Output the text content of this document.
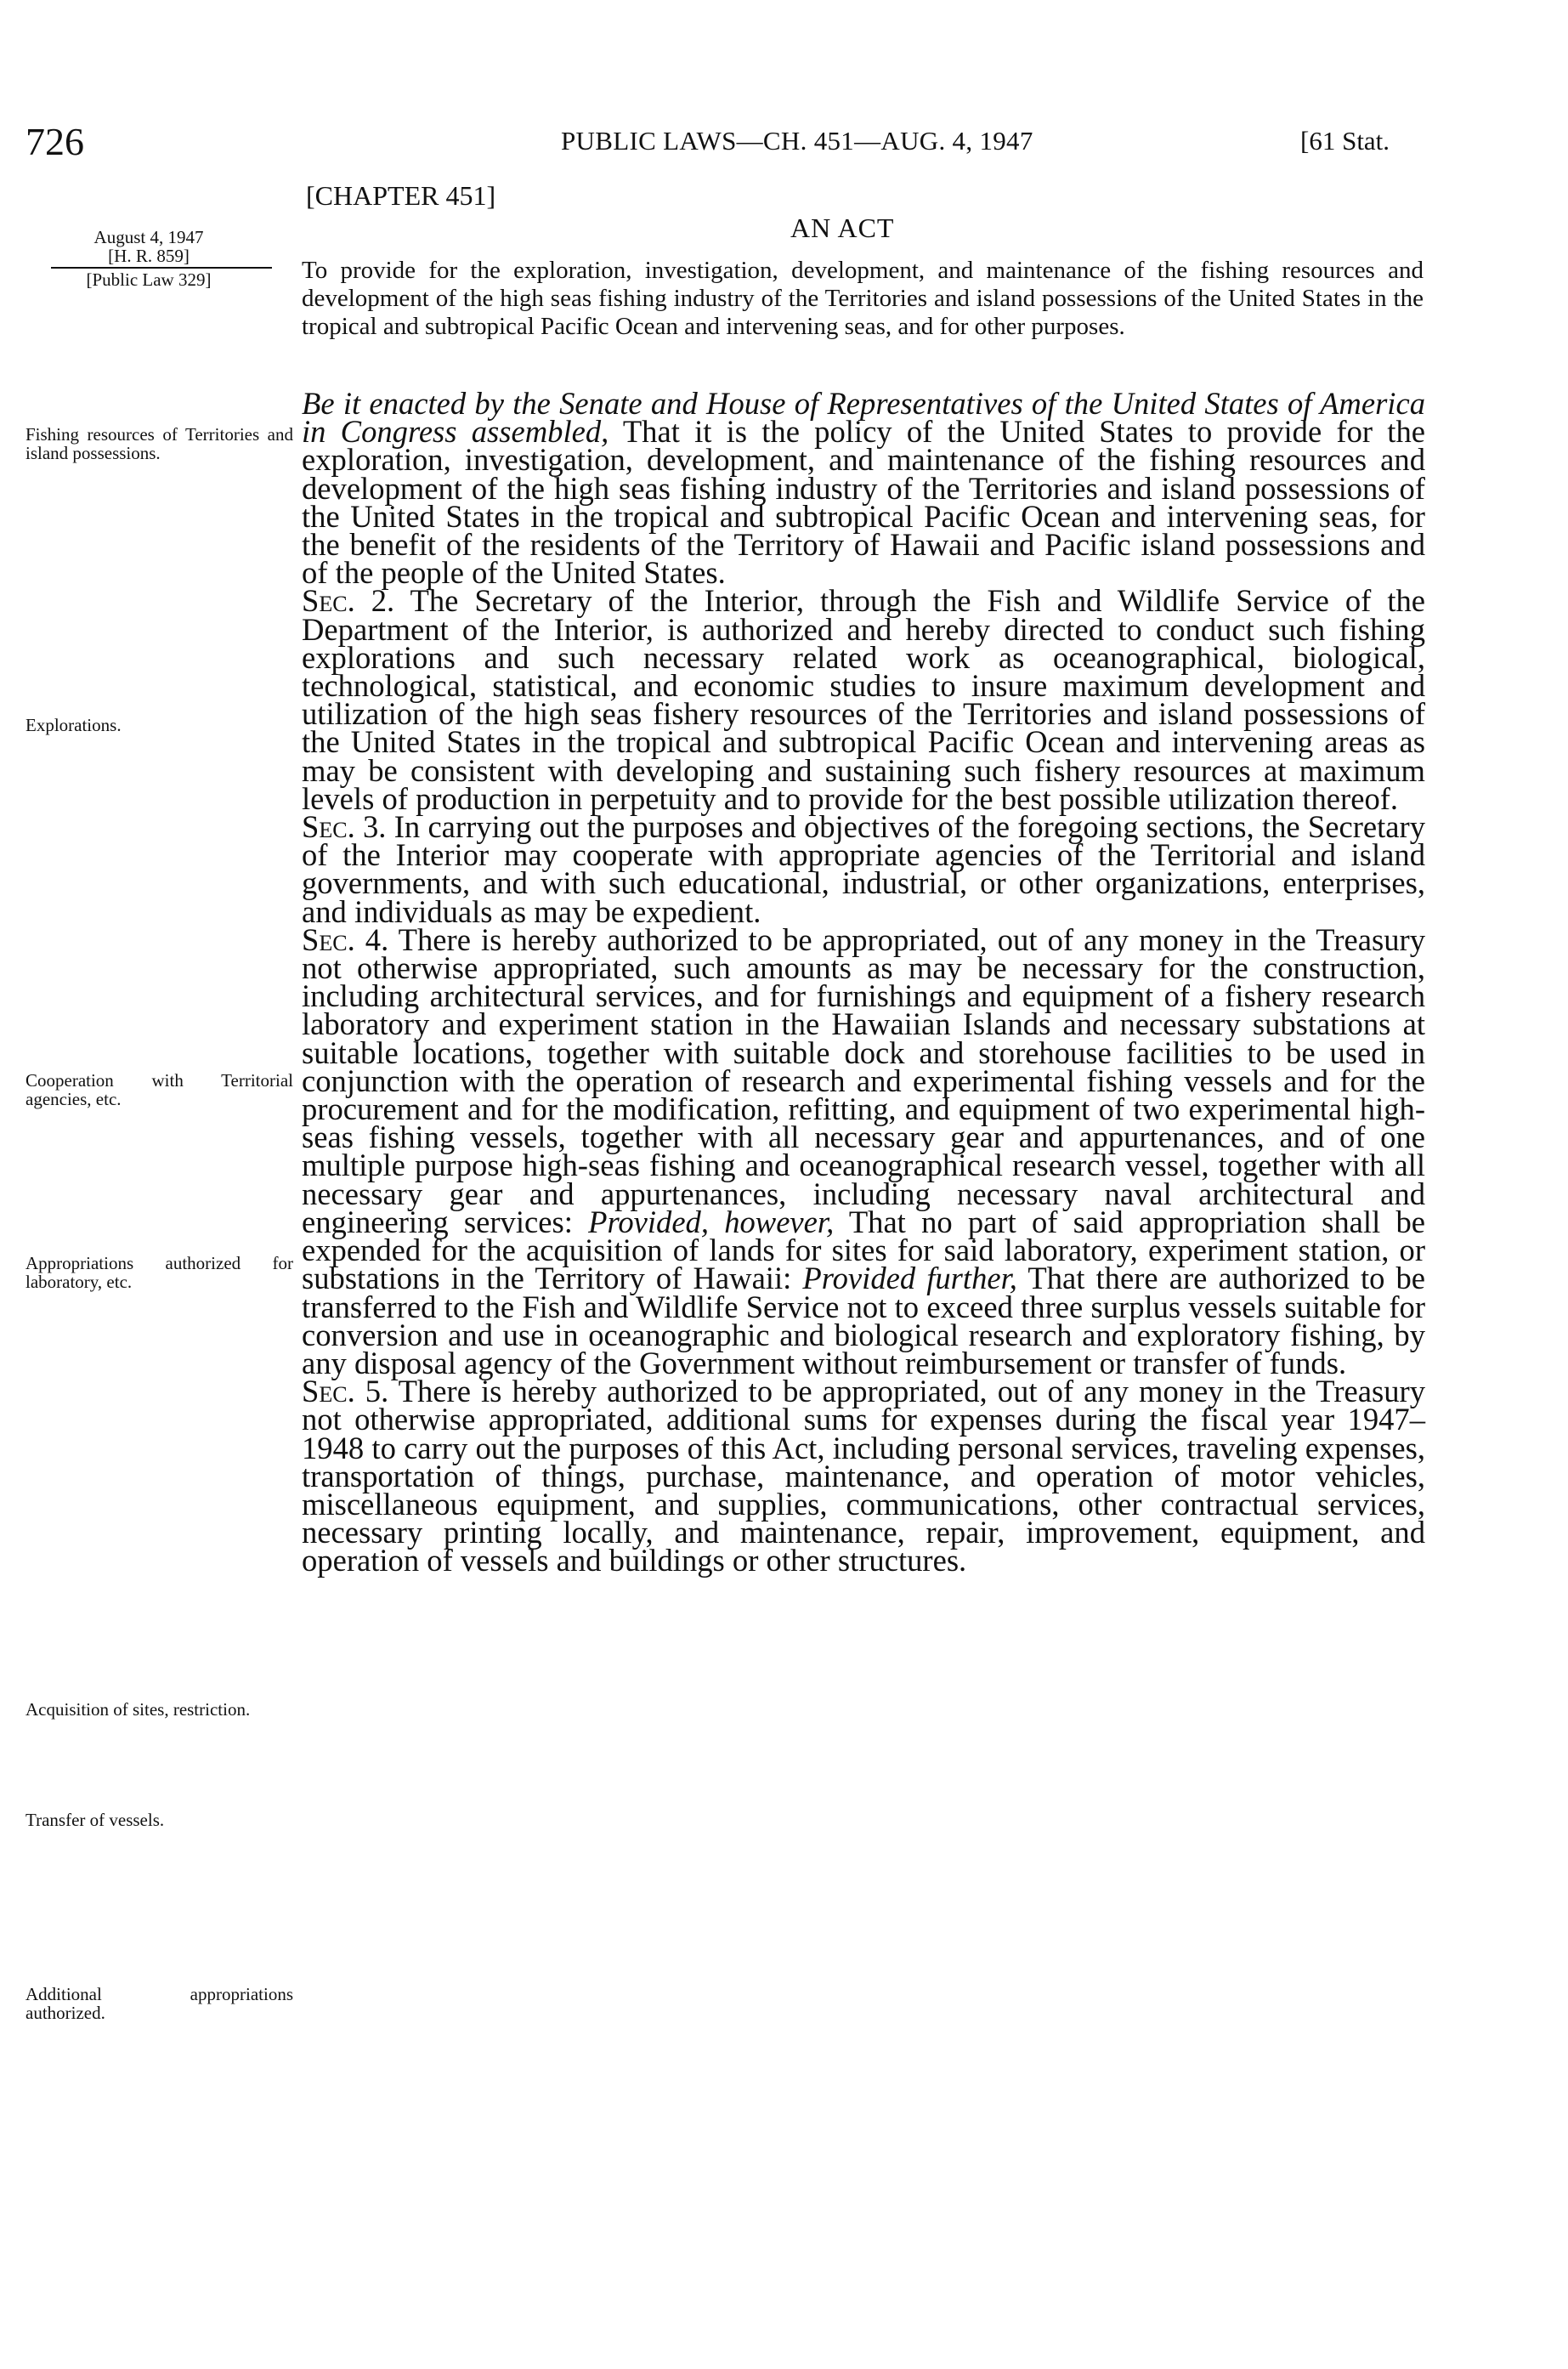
726	PUBLIC LAWS—CH. 451—AUG. 4, 1947	[61 Stat.
[CHAPTER 451]
AN ACT
To provide for the exploration, investigation, development, and maintenance of the fishing resources and development of the high seas fishing industry of the Territories and island possessions of the United States in the tropical and subtropical Pacific Ocean and intervening seas, and for other purposes.
August 4, 1947
[H. R. 859]
[Public Law 329]
Fishing resources of Territories and island possessions.
Explorations.
Cooperation with Territorial agencies, etc.
Appropriations authorized for laboratory, etc.
Acquisition of sites, restriction.
Transfer of vessels.
Additional appropriations authorized.

Be it enacted by the Senate and House of Representatives of the United States of America in Congress assembled, That it is the policy of the United States to provide for the exploration, investigation, development, and maintenance of the fishing resources and development of the high seas fishing industry of the Territories and island possessions of the United States in the tropical and subtropical Pacific Ocean and intervening seas, for the benefit of the residents of the Territory of Hawaii and Pacific island possessions and of the people of the United States.

Sec. 2. The Secretary of the Interior, through the Fish and Wildlife Service of the Department of the Interior, is authorized and hereby directed to conduct such fishing explorations and such necessary related work as oceanographical, biological, technological, statistical, and economic studies to insure maximum development and utilization of the high seas fishery resources of the Territories and island possessions of the United States in the tropical and subtropical Pacific Ocean and intervening areas as may be consistent with developing and sustaining such fishery resources at maximum levels of production in perpetuity and to provide for the best possible utilization thereof.

Sec. 3. In carrying out the purposes and objectives of the foregoing sections, the Secretary of the Interior may cooperate with appropriate agencies of the Territorial and island governments, and with such educational, industrial, or other organizations, enterprises, and individuals as may be expedient.

Sec. 4. There is hereby authorized to be appropriated, out of any money in the Treasury not otherwise appropriated, such amounts as may be necessary for the construction, including architectural services, and for furnishings and equipment of a fishery research laboratory and experiment station in the Hawaiian Islands and necessary substations at suitable locations, together with suitable dock and storehouse facilities to be used in conjunction with the operation of research and experimental fishing vessels and for the procurement and for the modification, refitting, and equipment of two experimental high-seas fishing vessels, together with all necessary gear and appurtenances, and of one multiple purpose high-seas fishing and oceanographical research vessel, together with all necessary gear and appurtenances, including necessary naval architectural and engineering services: Provided, however, That no part of said appropriation shall be expended for the acquisition of lands for sites for said laboratory, experiment station, or substations in the Territory of Hawaii: Provided further, That there are authorized to be transferred to the Fish and Wildlife Service not to exceed three surplus vessels suitable for conversion and use in oceanographic and biological research and exploratory fishing, by any disposal agency of the Government without reimbursement or transfer of funds.

Sec. 5. There is hereby authorized to be appropriated, out of any money in the Treasury not otherwise appropriated, additional sums for expenses during the fiscal year 1947–1948 to carry out the purposes of this Act, including personal services, traveling expenses, transportation of things, purchase, maintenance, and operation of motor vehicles, miscellaneous equipment, and supplies, communications, other contractual services, necessary printing locally, and maintenance, repair, improvement, equipment, and operation of vessels and buildings or other structures.
